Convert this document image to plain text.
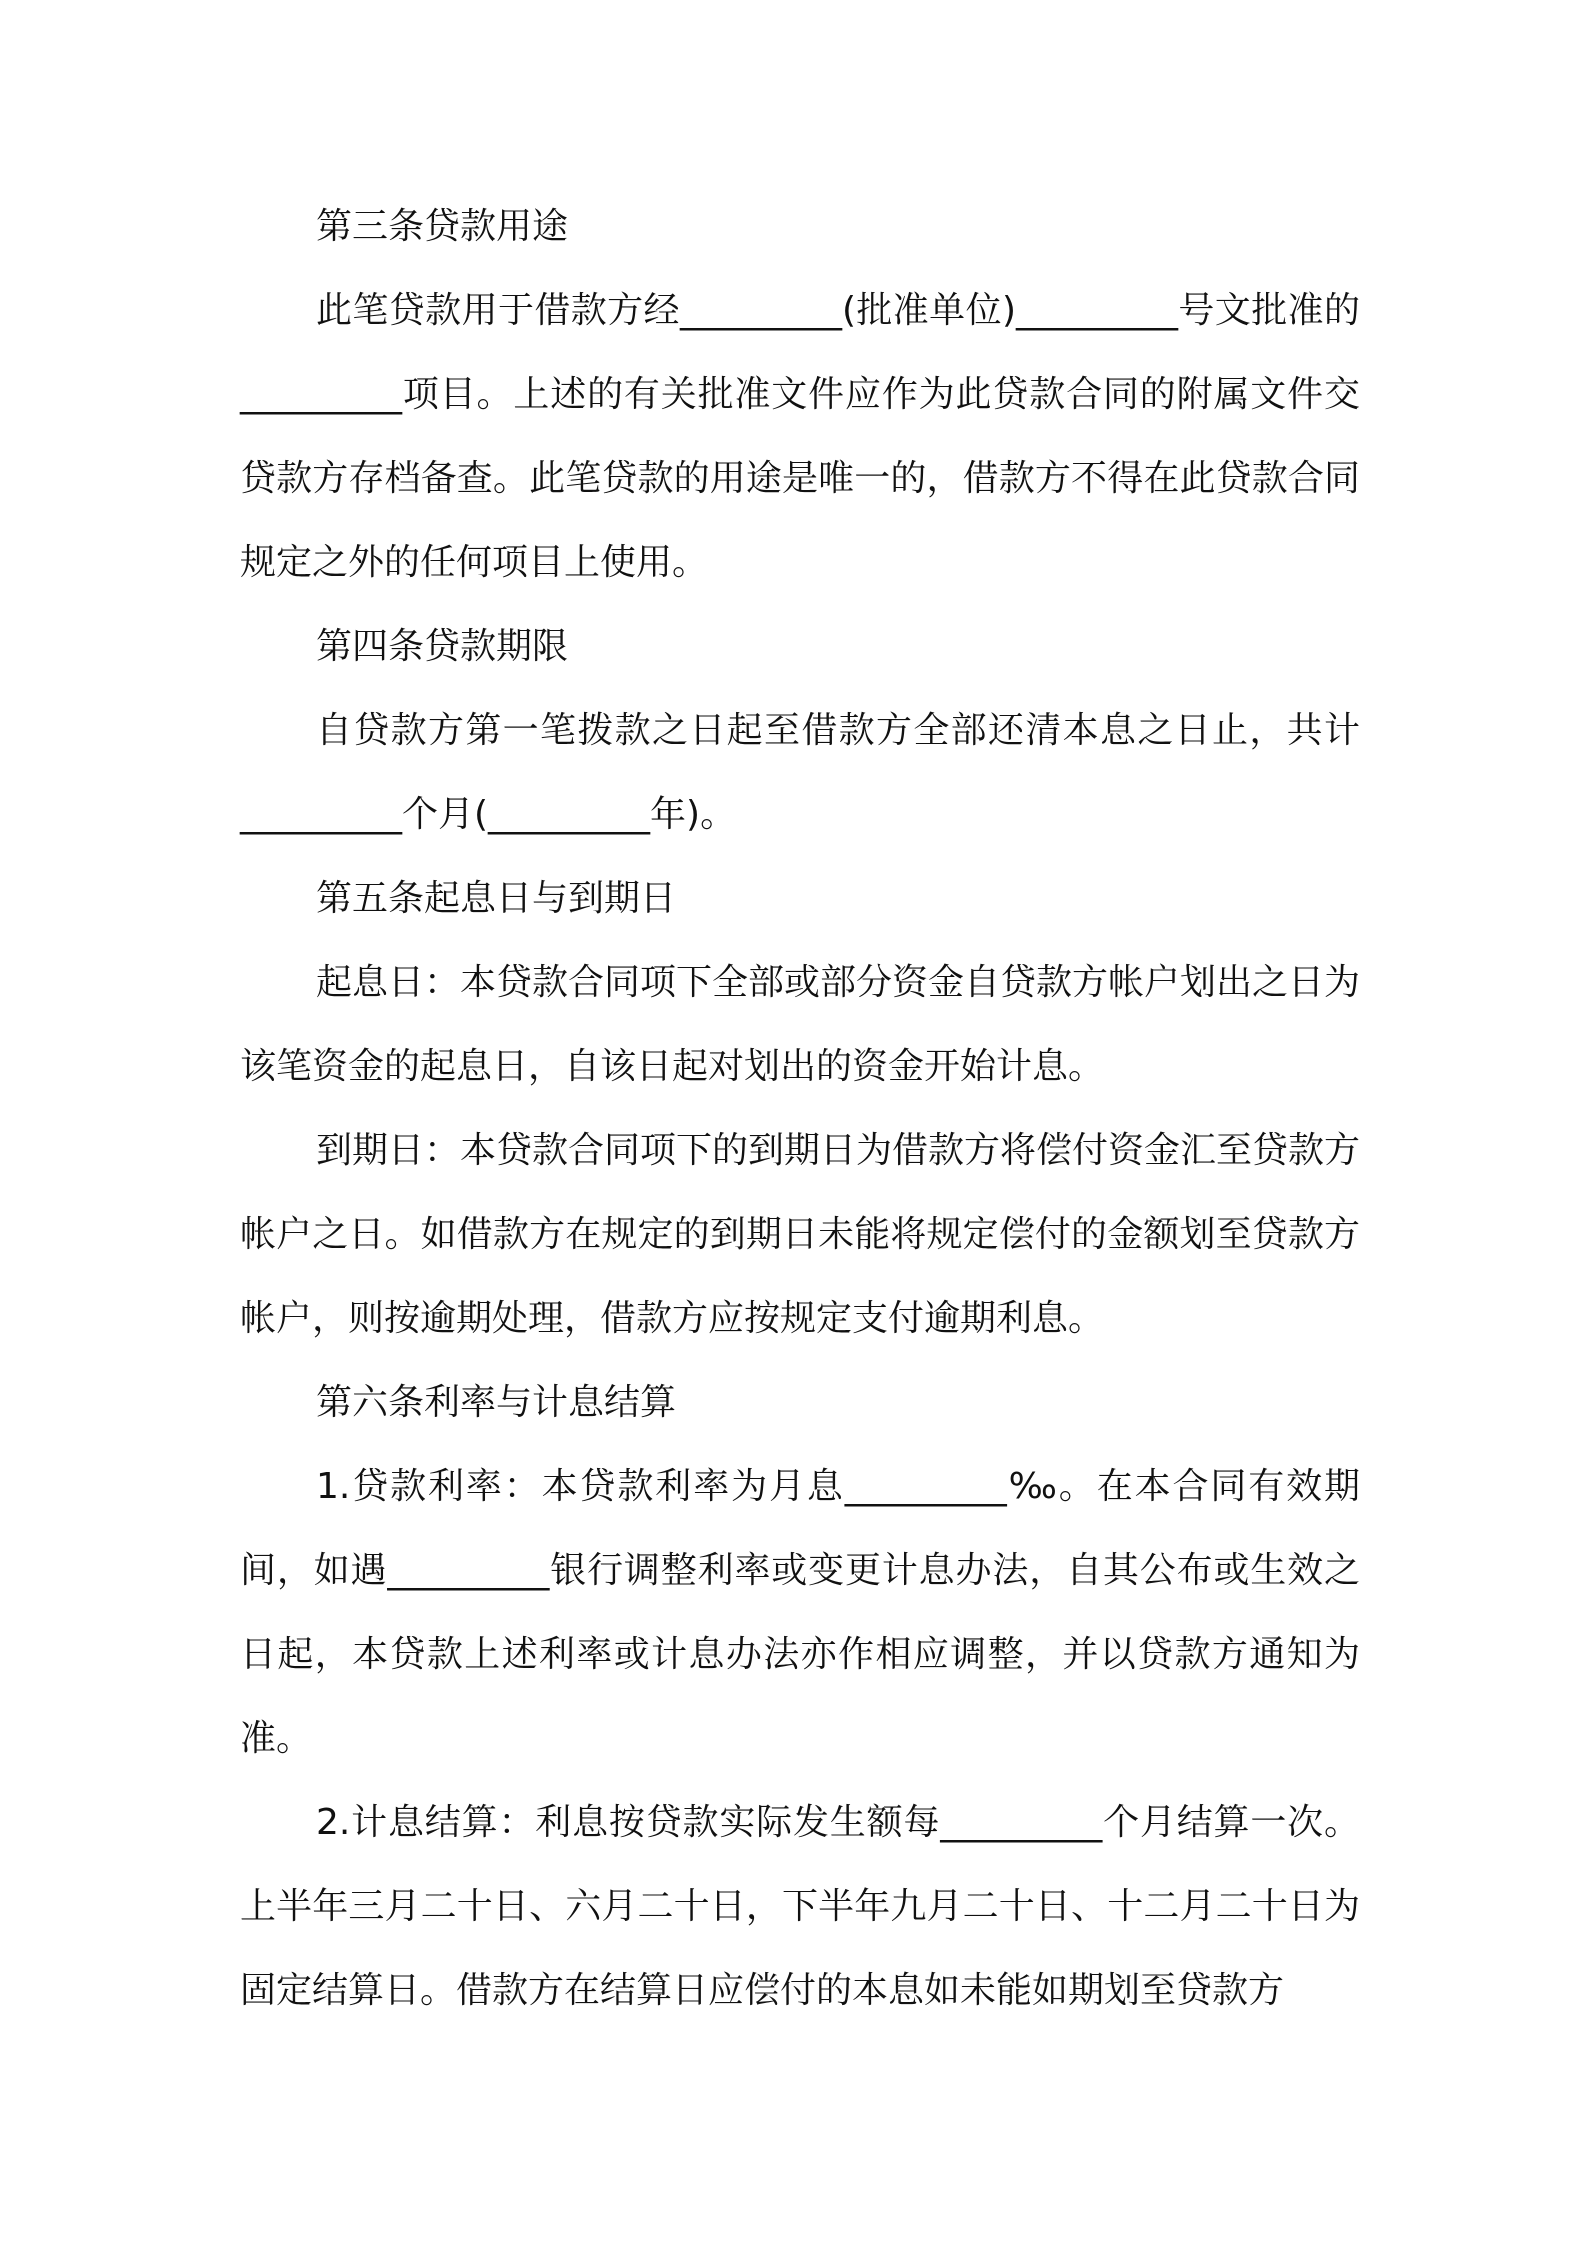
第三条贷款用途

此笔贷款用于借款方经_________(批准单位)_________号文批准的_________项目。上述的有关批准文件应作为此贷款合同的附属文件交贷款方存档备查。此笔贷款的用途是唯一的，借款方不得在此贷款合同规定之外的任何项目上使用。

第四条贷款期限

自贷款方第一笔拨款之日起至借款方全部还清本息之日止，共计_________个月(_________年)。

第五条起息日与到期日

起息日：本贷款合同项下全部或部分资金自贷款方帐户划出之日为该笔资金的起息日，自该日起对划出的资金开始计息。

到期日：本贷款合同项下的到期日为借款方将偿付资金汇至贷款方帐户之日。如借款方在规定的到期日未能将规定偿付的金额划至贷款方帐户，则按逾期处理，借款方应按规定支付逾期利息。

第六条利率与计息结算

1.贷款利率：本贷款利率为月息_________‰。在本合同有效期间，如遇_________银行调整利率或变更计息办法，自其公布或生效之日起，本贷款上述利率或计息办法亦作相应调整，并以贷款方通知为准。

2.计息结算：利息按贷款实际发生额每_________个月结算一次。上半年三月二十日、六月二十日，下半年九月二十日、十二月二十日为固定结算日。借款方在结算日应偿付的本息如未能如期划至贷款方
